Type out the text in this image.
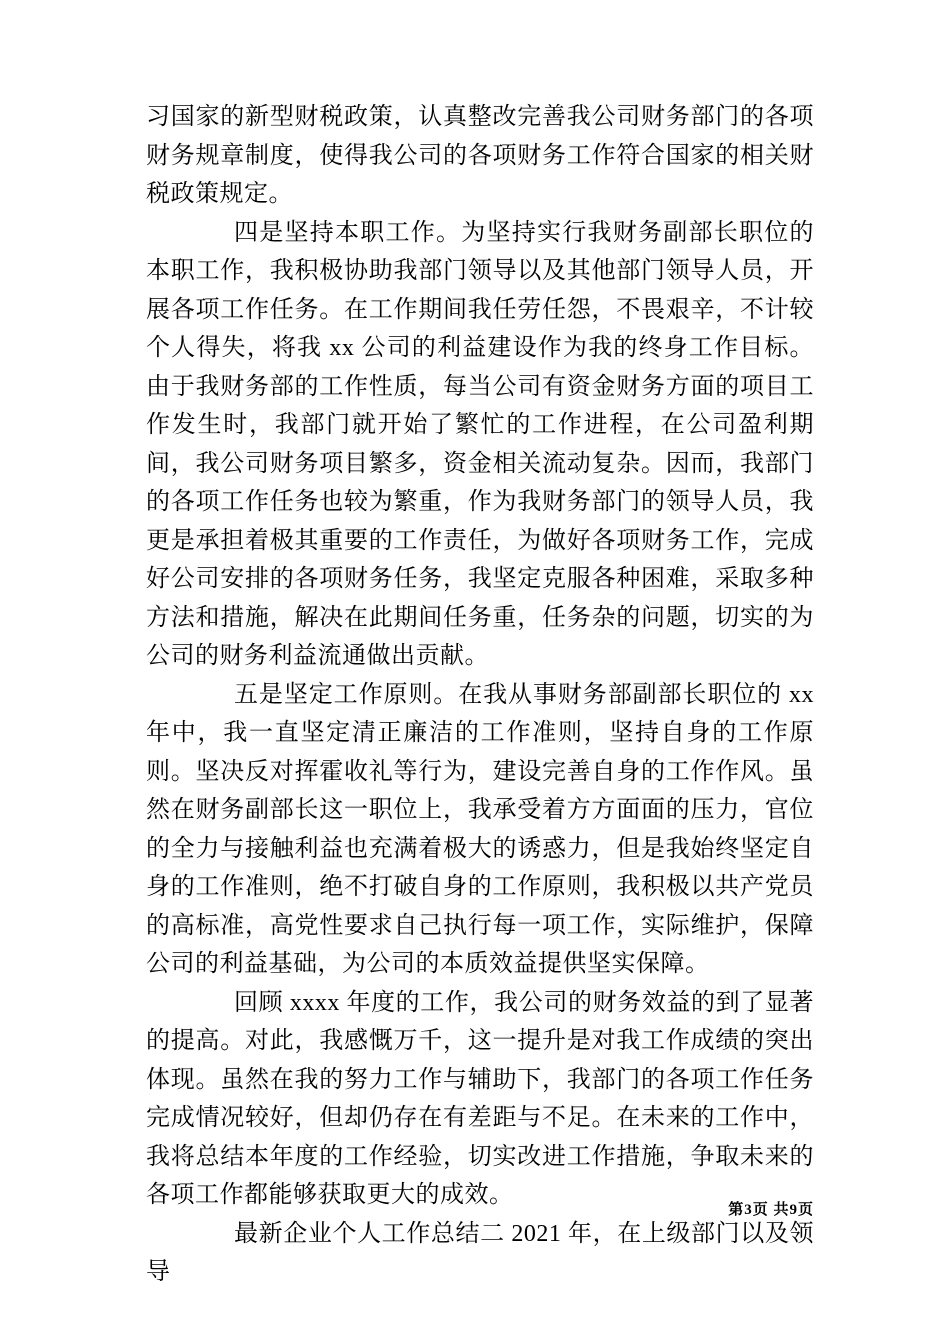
习国家的新型财税政策，认真整改完善我公司财务部门的各项财务规章制度，使得我公司的各项财务工作符合国家的相关财税政策规定。

四是坚持本职工作。为坚持实行我财务副部长职位的本职工作，我积极协助我部门领导以及其他部门领导人员，开展各项工作任务。在工作期间我任劳任怨，不畏艰辛，不计较个人得失，将我 xx 公司的利益建设作为我的终身工作目标。由于我财务部的工作性质，每当公司有资金财务方面的项目工作发生时，我部门就开始了繁忙的工作进程，在公司盈利期间，我公司财务项目繁多，资金相关流动复杂。因而，我部门的各项工作任务也较为繁重，作为我财务部门的领导人员，我更是承担着极其重要的工作责任，为做好各项财务工作，完成好公司安排的各项财务任务，我坚定克服各种困难，采取多种方法和措施，解决在此期间任务重，任务杂的问题，切实的为公司的财务利益流通做出贡献。

五是坚定工作原则。在我从事财务部副部长职位的 xx 年中，我一直坚定清正廉洁的工作准则，坚持自身的工作原则。坚决反对挥霍收礼等行为，建设完善自身的工作作风。虽然在财务副部长这一职位上，我承受着方方面面的压力，官位的全力与接触利益也充满着极大的诱惑力，但是我始终坚定自身的工作准则，绝不打破自身的工作原则，我积极以共产党员的高标准，高党性要求自己执行每一项工作，实际维护，保障公司的利益基础，为公司的本质效益提供坚实保障。

回顾 xxxx 年度的工作，我公司的财务效益的到了显著的提高。对此，我感慨万千，这一提升是对我工作成绩的突出体现。虽然在我的努力工作与辅助下，我部门的各项工作任务完成情况较好，但却仍存在有差距与不足。在未来的工作中，我将总结本年度的工作经验，切实改进工作措施，争取未来的各项工作都能够获取更大的成效。

最新企业个人工作总结二 2021 年，在上级部门以及领导

第3页 共9页
